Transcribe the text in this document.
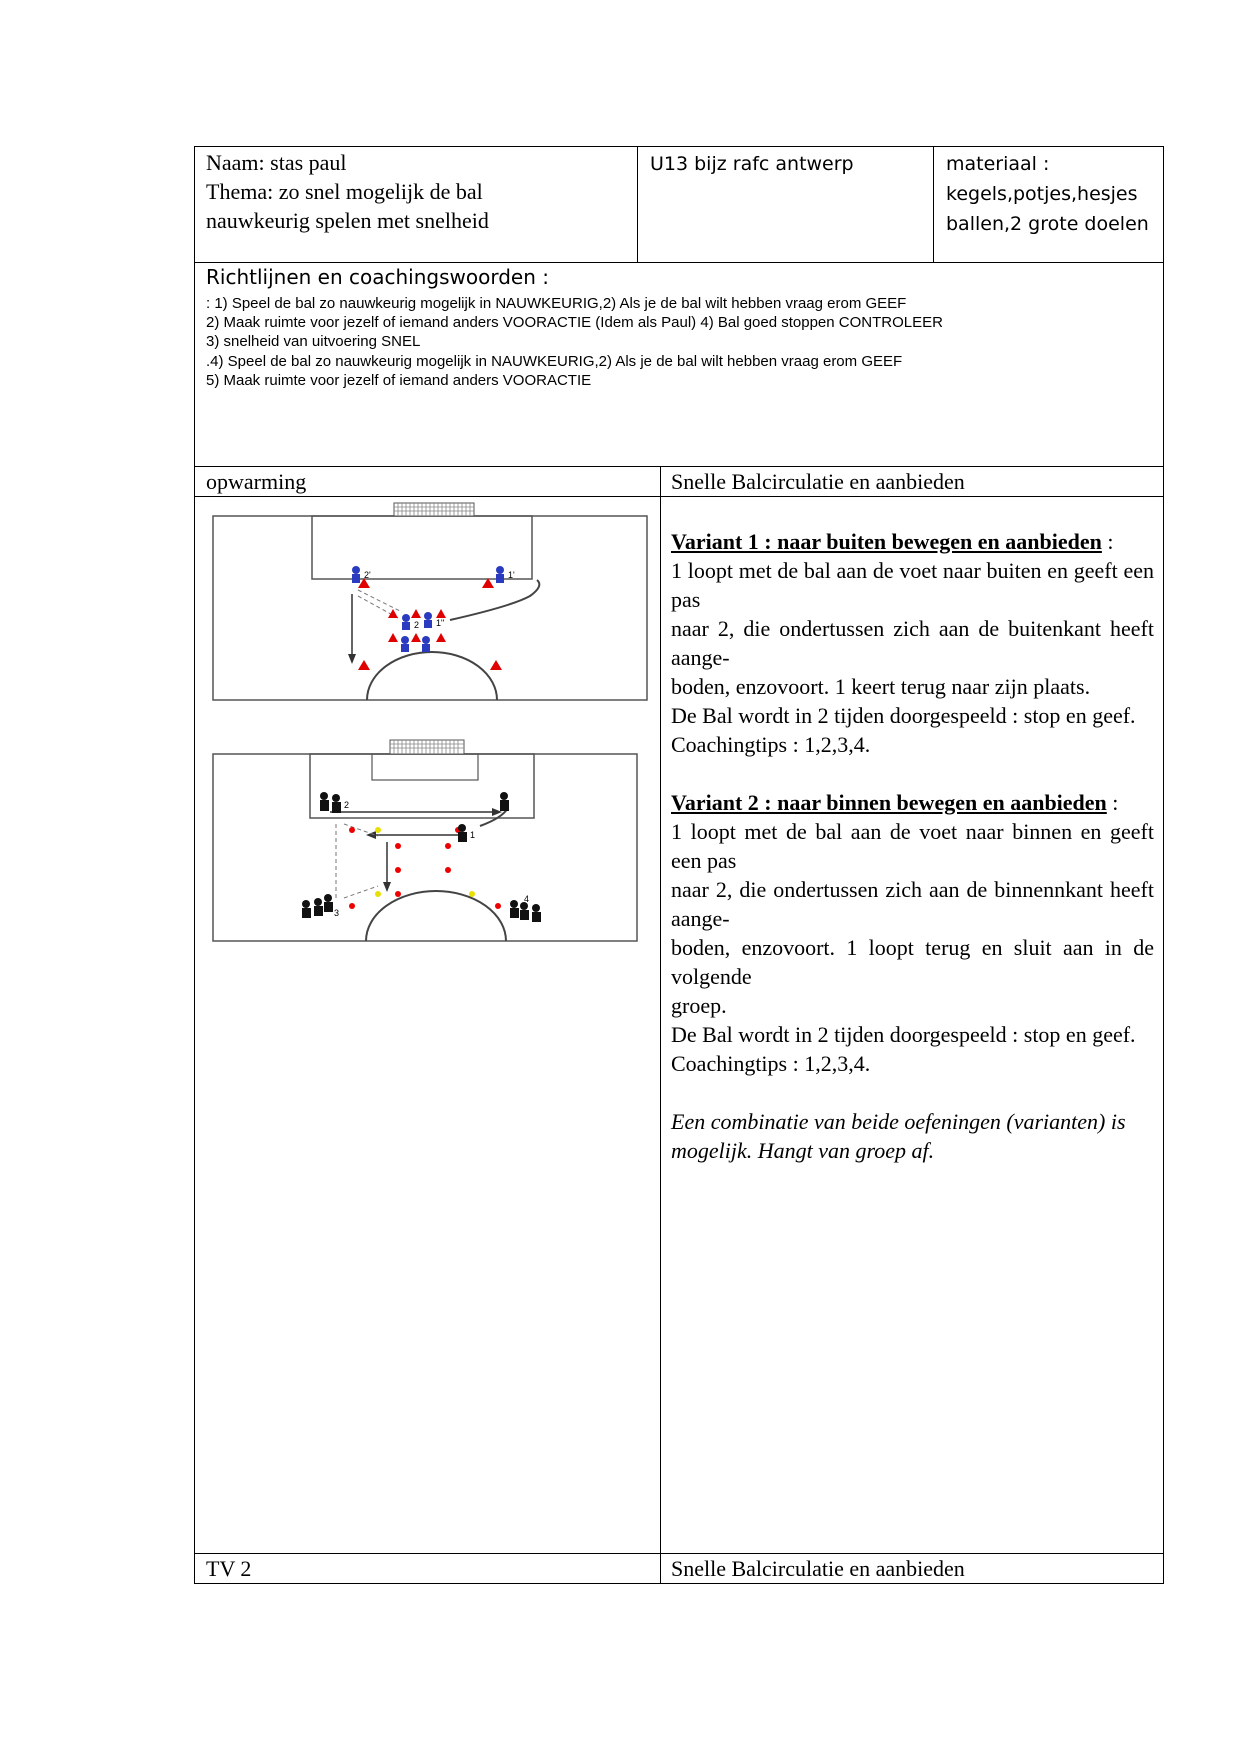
Naam: stas paul
Thema: zo snel mogelijk de bal
nauwkeurig spelen met snelheid
U13 bijz rafc antwerp	materiaal :
kegels,potjes,hesjes
ballen,2 grote doelen
Richtlijnen en coachingswoorden :
: 1) Speel de bal zo nauwkeurig mogelijk in NAUWKEURIG,2) Als je de bal wilt hebben vraag erom GEEF
2) Maak ruimte voor jezelf of iemand anders VOORACTIE (Idem als Paul) 4) Bal goed stoppen CONTROLEER
3) snelheid van uitvoering SNEL
.4) Speel de bal zo nauwkeurig mogelijk in NAUWKEURIG,2) Als je de bal wilt hebben vraag erom GEEF
5) Maak ruimte voor jezelf of iemand anders VOORACTIE
opwarming	Snelle Balcirculatie en aanbieden
2'	1'
2 1"
2
1
3
4

Variant 1 : naar buiten bewegen en aanbieden :

1 loopt met de bal aan de voet naar buiten en geeft een pas

naar 2, die ondertussen zich aan de buitenkant heeft aange-

boden, enzovoort. 1 keert terug naar zijn plaats.

De Bal wordt in 2 tijden doorgespeeld : stop en geef.

Coachingtips : 1,2,3,4.

Variant 2 : naar binnen bewegen en aanbieden :

1 loopt met de bal aan de voet naar binnen en geeft een pas

naar 2, die ondertussen zich aan de binnennkant heeft aange-

boden, enzovoort. 1 loopt terug en sluit aan in de volgende

groep.

De Bal wordt in 2 tijden doorgespeeld : stop en geef.

Coachingtips : 1,2,3,4.

Een combinatie van beide oefeningen (varianten) is

mogelijk. Hangt van groep af.

TV 2	Snelle Balcirculatie en aanbieden
